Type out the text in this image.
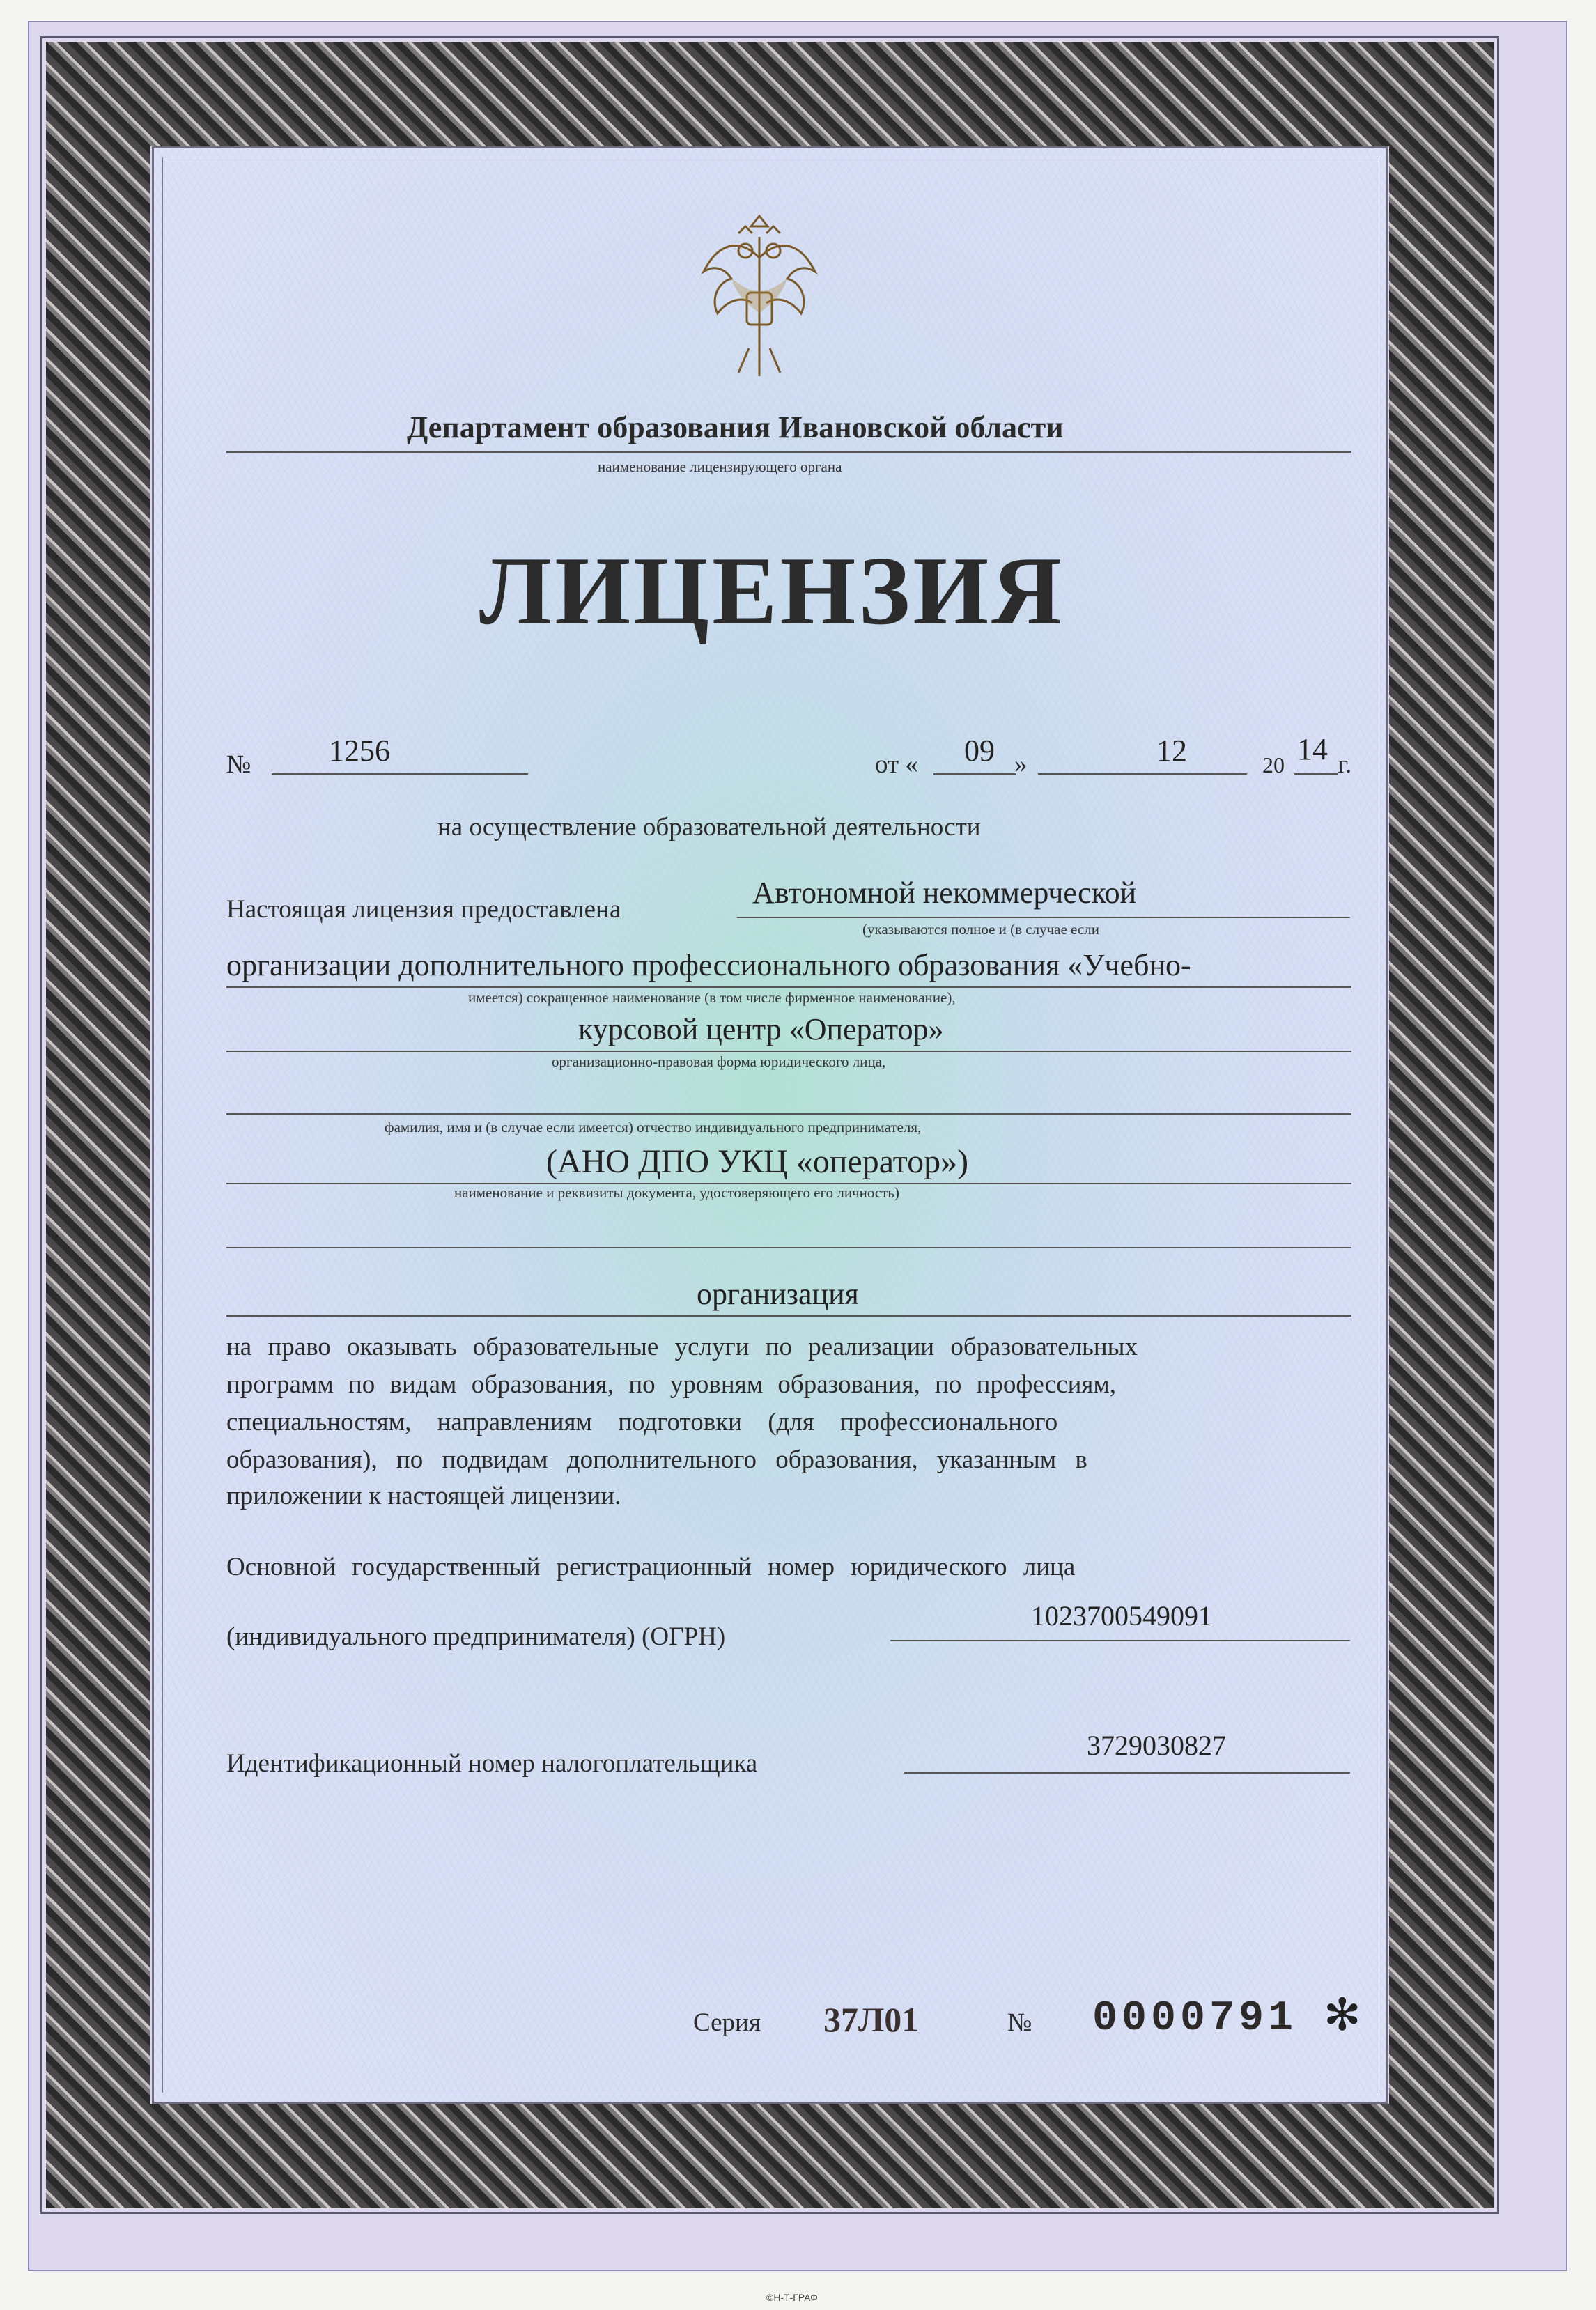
Департамент образования Ивановской области
наименование лицензирующего органа
ЛИЦЕНЗИЯ
№	1256	от « 09 »	12	20 14 г.
на осуществление образовательной деятельности
Настоящая лицензия предоставлена	Автономной некоммерческой
(указываются полное и (в случае если
организации дополнительного профессионального образования «Учебно-
имеется) сокращенное наименование (в том числе фирменное наименование),
курсовой центр «Оператор»
организационно-правовая форма юридического лица,
фамилия, имя и (в случае если имеется) отчество индивидуального предпринимателя,
(АНО ДПО УКЦ «оператор»)
наименование и реквизиты документа, удостоверяющего его личность)
организация
на право оказывать образовательные услуги по реализации образовательных
программ по видам образования, по уровням образования, по профессиям,
специальностям, направлениям подготовки (для профессионального
образования), по подвидам дополнительного образования, указанным в
приложении к настоящей лицензии.
Основной государственный регистрационный номер юридического лица
(индивидуального предпринимателя) (ОГРН)
1023700549091
Идентификационный номер налогоплательщика
3729030827
Серия 37Л01	№ 0000791 ✻
©Н-Т-ГРАФ
